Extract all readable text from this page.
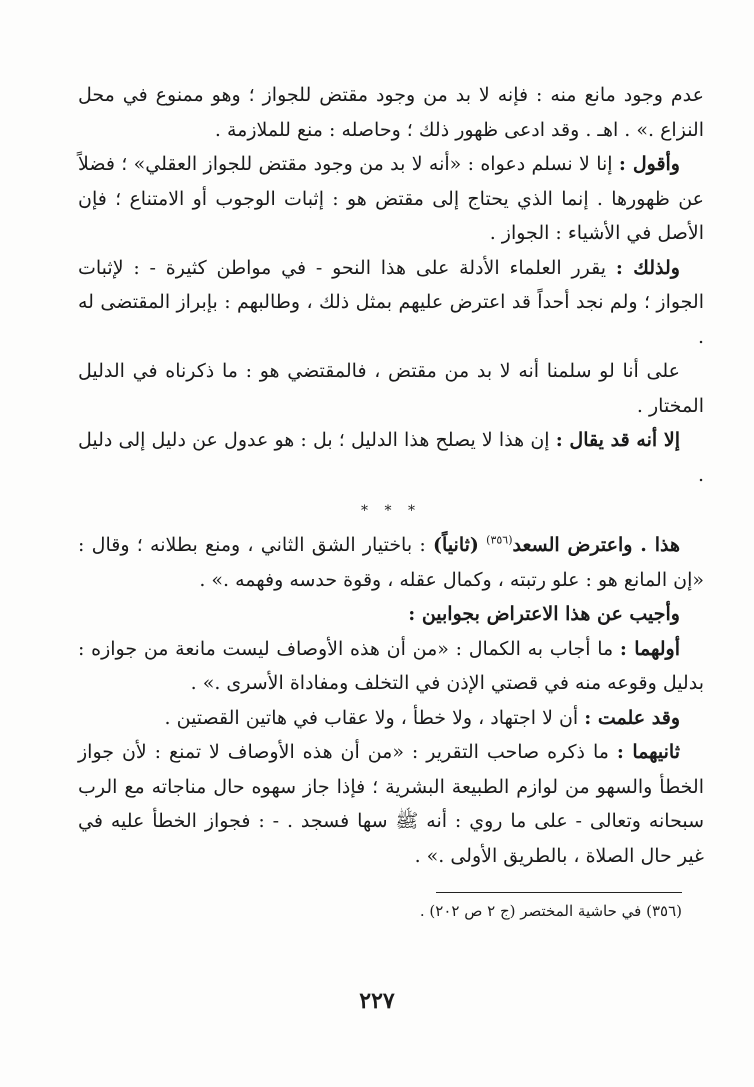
عدم وجود مانع منه : فإنه لا بد من وجود مقتض للجواز ؛ وهو ممنوع في محل النزاع .» . اهـ . وقد ادعى ظهور ذلك ؛ وحاصله : منع للملازمة .

وأقول : إنا لا نسلم دعواه : «أنه لا بد من وجود مقتض للجواز العقلي» ؛ فضلاً عن ظهورها . إنما الذي يحتاج إلى مقتض هو : إثبات الوجوب أو الامتناع ؛ فإن الأصل في الأشياء : الجواز .

ولذلك : يقرر العلماء الأدلة على هذا النحو - في مواطن كثيرة - : لإثبات الجواز ؛ ولم نجد أحداً قد اعترض عليهم بمثل ذلك ، وطالبهم : بإبراز المقتضى له .

على أنا لو سلمنا أنه لا بد من مقتض ، فالمقتضي هو : ما ذكرناه في الدليل المختار .

إلا أنه قد يقال : إن هذا لا يصلح هذا الدليل ؛ بل : هو عدول عن دليل إلى دليل .

* * *

هذا . واعترض السعد$^{(٣٥٦)}$ (ثانياً) : باختيار الشق الثاني ، ومنع بطلانه ؛ وقال : «إن المانع هو : علو رتبته ، وكمال عقله ، وقوة حدسه وفهمه .» .

وأجيب عن هذا الاعتراض بجوابين :

أولهما : ما أجاب به الكمال : «من أن هذه الأوصاف ليست مانعة من جوازه : بدليل وقوعه منه في قصتي الإذن في التخلف ومفاداة الأسرى .» .

وقد علمت : أن لا اجتهاد ، ولا خطأ ، ولا عقاب في هاتين القصتين .

ثانيهما : ما ذكره صاحب التقرير : «من أن هذه الأوصاف لا تمنع : لأن جواز الخطأ والسهو من لوازم الطبيعة البشرية ؛ فإذا جاز سهوه حال مناجاته مع الرب سبحانه وتعالى - على ما روي : أنه ﷺ سها فسجد . - : فجواز الخطأ عليه في غير حال الصلاة ، بالطريق الأولى .» .

(٣٥٦) في حاشية المختصر (ج ٢ ص ٢٠٢) .
٢٢٧
